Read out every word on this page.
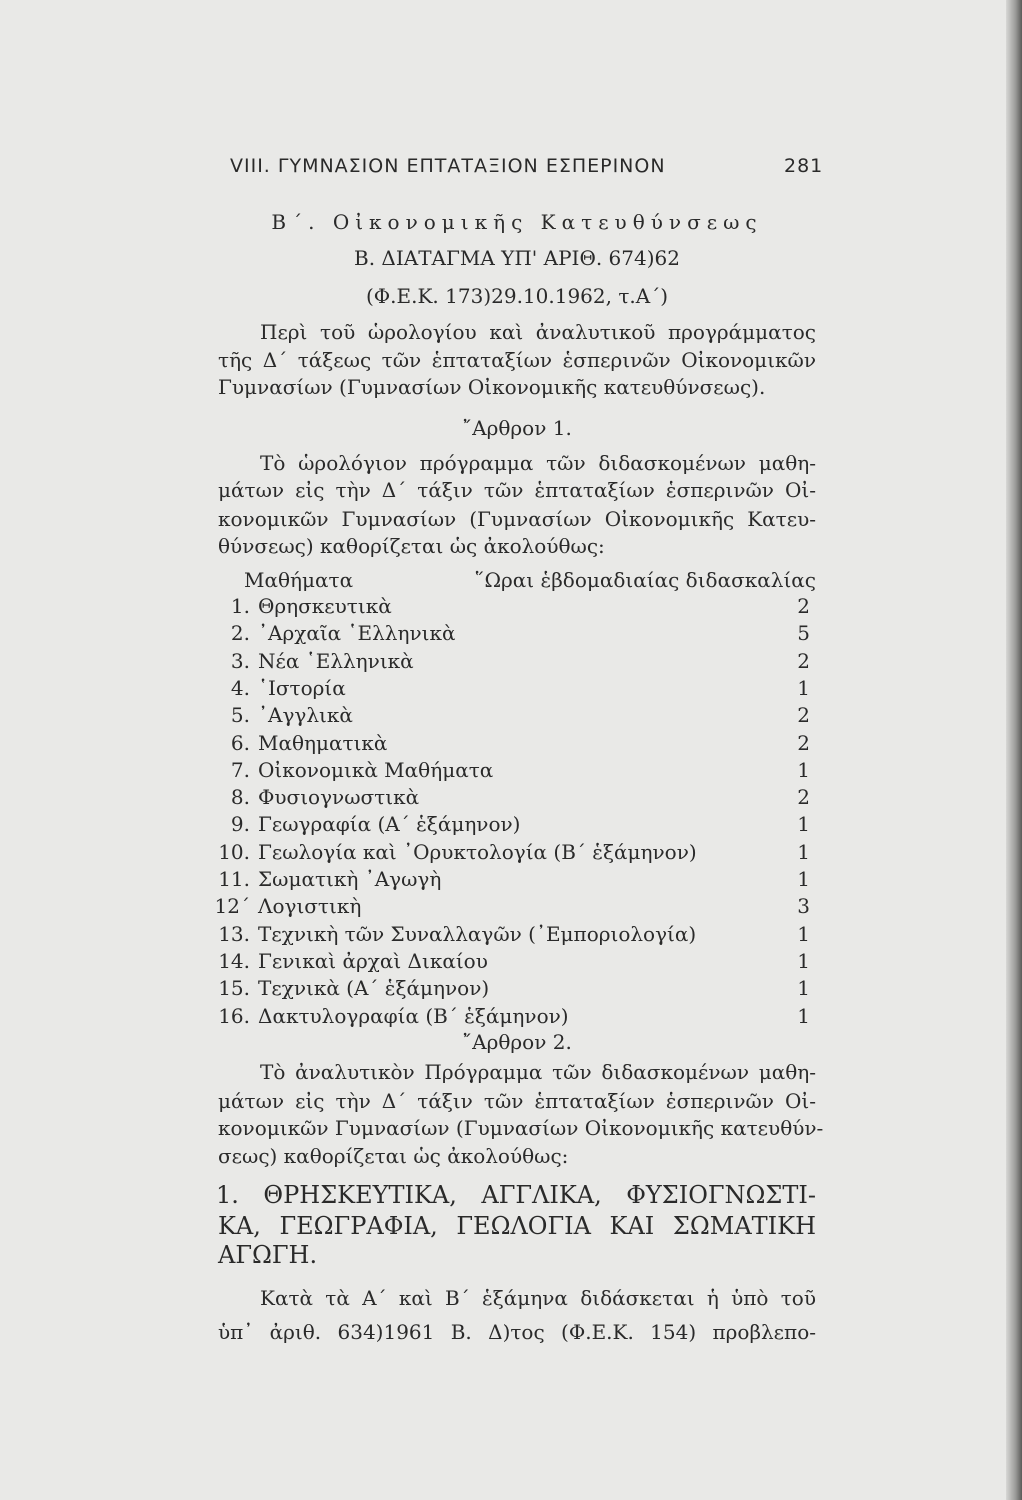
VIII. ΓΥΜΝΑΣΙΟΝ ΕΠΤΑΤΑΞΙΟΝ ΕΣΠΕΡΙΝΟΝ	281
Β΄. Οἰκονομικῆς Κατευθύνσεως
Β. ΔΙΑΤΑΓΜΑ ΥΠ' ΑΡΙΘ. 674)62
(Φ.Ε.Κ. 173)29.10.1962, τ.Α΄)
Περὶ τοῦ ὡρολογίου καὶ ἀναλυτικοῦ προγράμματος
τῆς Δ΄ τάξεως τῶν ἑπταταξίων ἑσπερινῶν Οἰκονομικῶν
Γυμνασίων (Γυμνασίων Οἰκονομικῆς κατευθύνσεως).
῎Αρθρον 1.
Τὸ ὡρολόγιον πρόγραμμα τῶν διδασκομένων μαθη-
μάτων εἰς τὴν Δ΄ τάξιν τῶν ἑπταταξίων ἑσπερινῶν Οἰ-
κονομικῶν Γυμνασίων (Γυμνασίων Οἰκονομικῆς Κατευ-
θύνσεως) καθορίζεται ὡς ἀκολούθως:
Μαθήματα	῞Ωραι ἑβδομαδιαίας διδασκαλίας
1. Θρησκευτικὰ	2
2. ᾿Αρχαῖα ῾Ελληνικὰ	5
3. Νέα ῾Ελληνικὰ	2
4. ῾Ιστορία	1
5. ᾿Αγγλικὰ	2
6. Μαθηματικὰ	2
7. Οἰκονομικὰ Μαθήματα	1
8. Φυσιογνωστικὰ	2
9. Γεωγραφία (Α΄ ἑξάμηνον)	1
10. Γεωλογία καὶ ᾿Ορυκτολογία (Β΄ ἑξάμηνον)	1
11. Σωματικὴ ᾿Αγωγὴ	1
12΄ Λογιστικὴ	3
13. Τεχνικὴ τῶν Συναλλαγῶν (᾿Εμποριολογία)	1
14. Γενικαὶ ἀρχαὶ Δικαίου	1
15. Τεχνικὰ (Α΄ ἑξάμηνον)	1
16. Δακτυλογραφία (Β΄ ἑξάμηνον)	1
῎Αρθρον 2.
Τὸ ἀναλυτικὸν Πρόγραμμα τῶν διδασκομένων μαθη-
μάτων εἰς τὴν Δ΄ τάξιν τῶν ἑπταταξίων ἑσπερινῶν Οἰ-
κονομικῶν Γυμνασίων (Γυμνασίων Οἰκονομικῆς κατευθύν-
σεως) καθορίζεται ὡς ἀκολούθως:
1. ΘΡΗΣΚΕΥΤΙΚΑ, ΑΓΓΛΙΚΑ, ΦΥΣΙΟΓΝΩΣΤΙ-
ΚΑ, ΓΕΩΓΡΑΦΙΑ, ΓΕΩΛΟΓΙΑ ΚΑΙ ΣΩΜΑΤΙΚΗ
ΑΓΩΓΗ.
Κατὰ τὰ Α΄ καὶ Β΄ ἑξάμηνα διδάσκεται ἡ ὑπὸ τοῦ
ὑπ᾿ ἀριθ. 634)1961 Β. Δ)τος (Φ.Ε.Κ. 154) προβλεπο-
